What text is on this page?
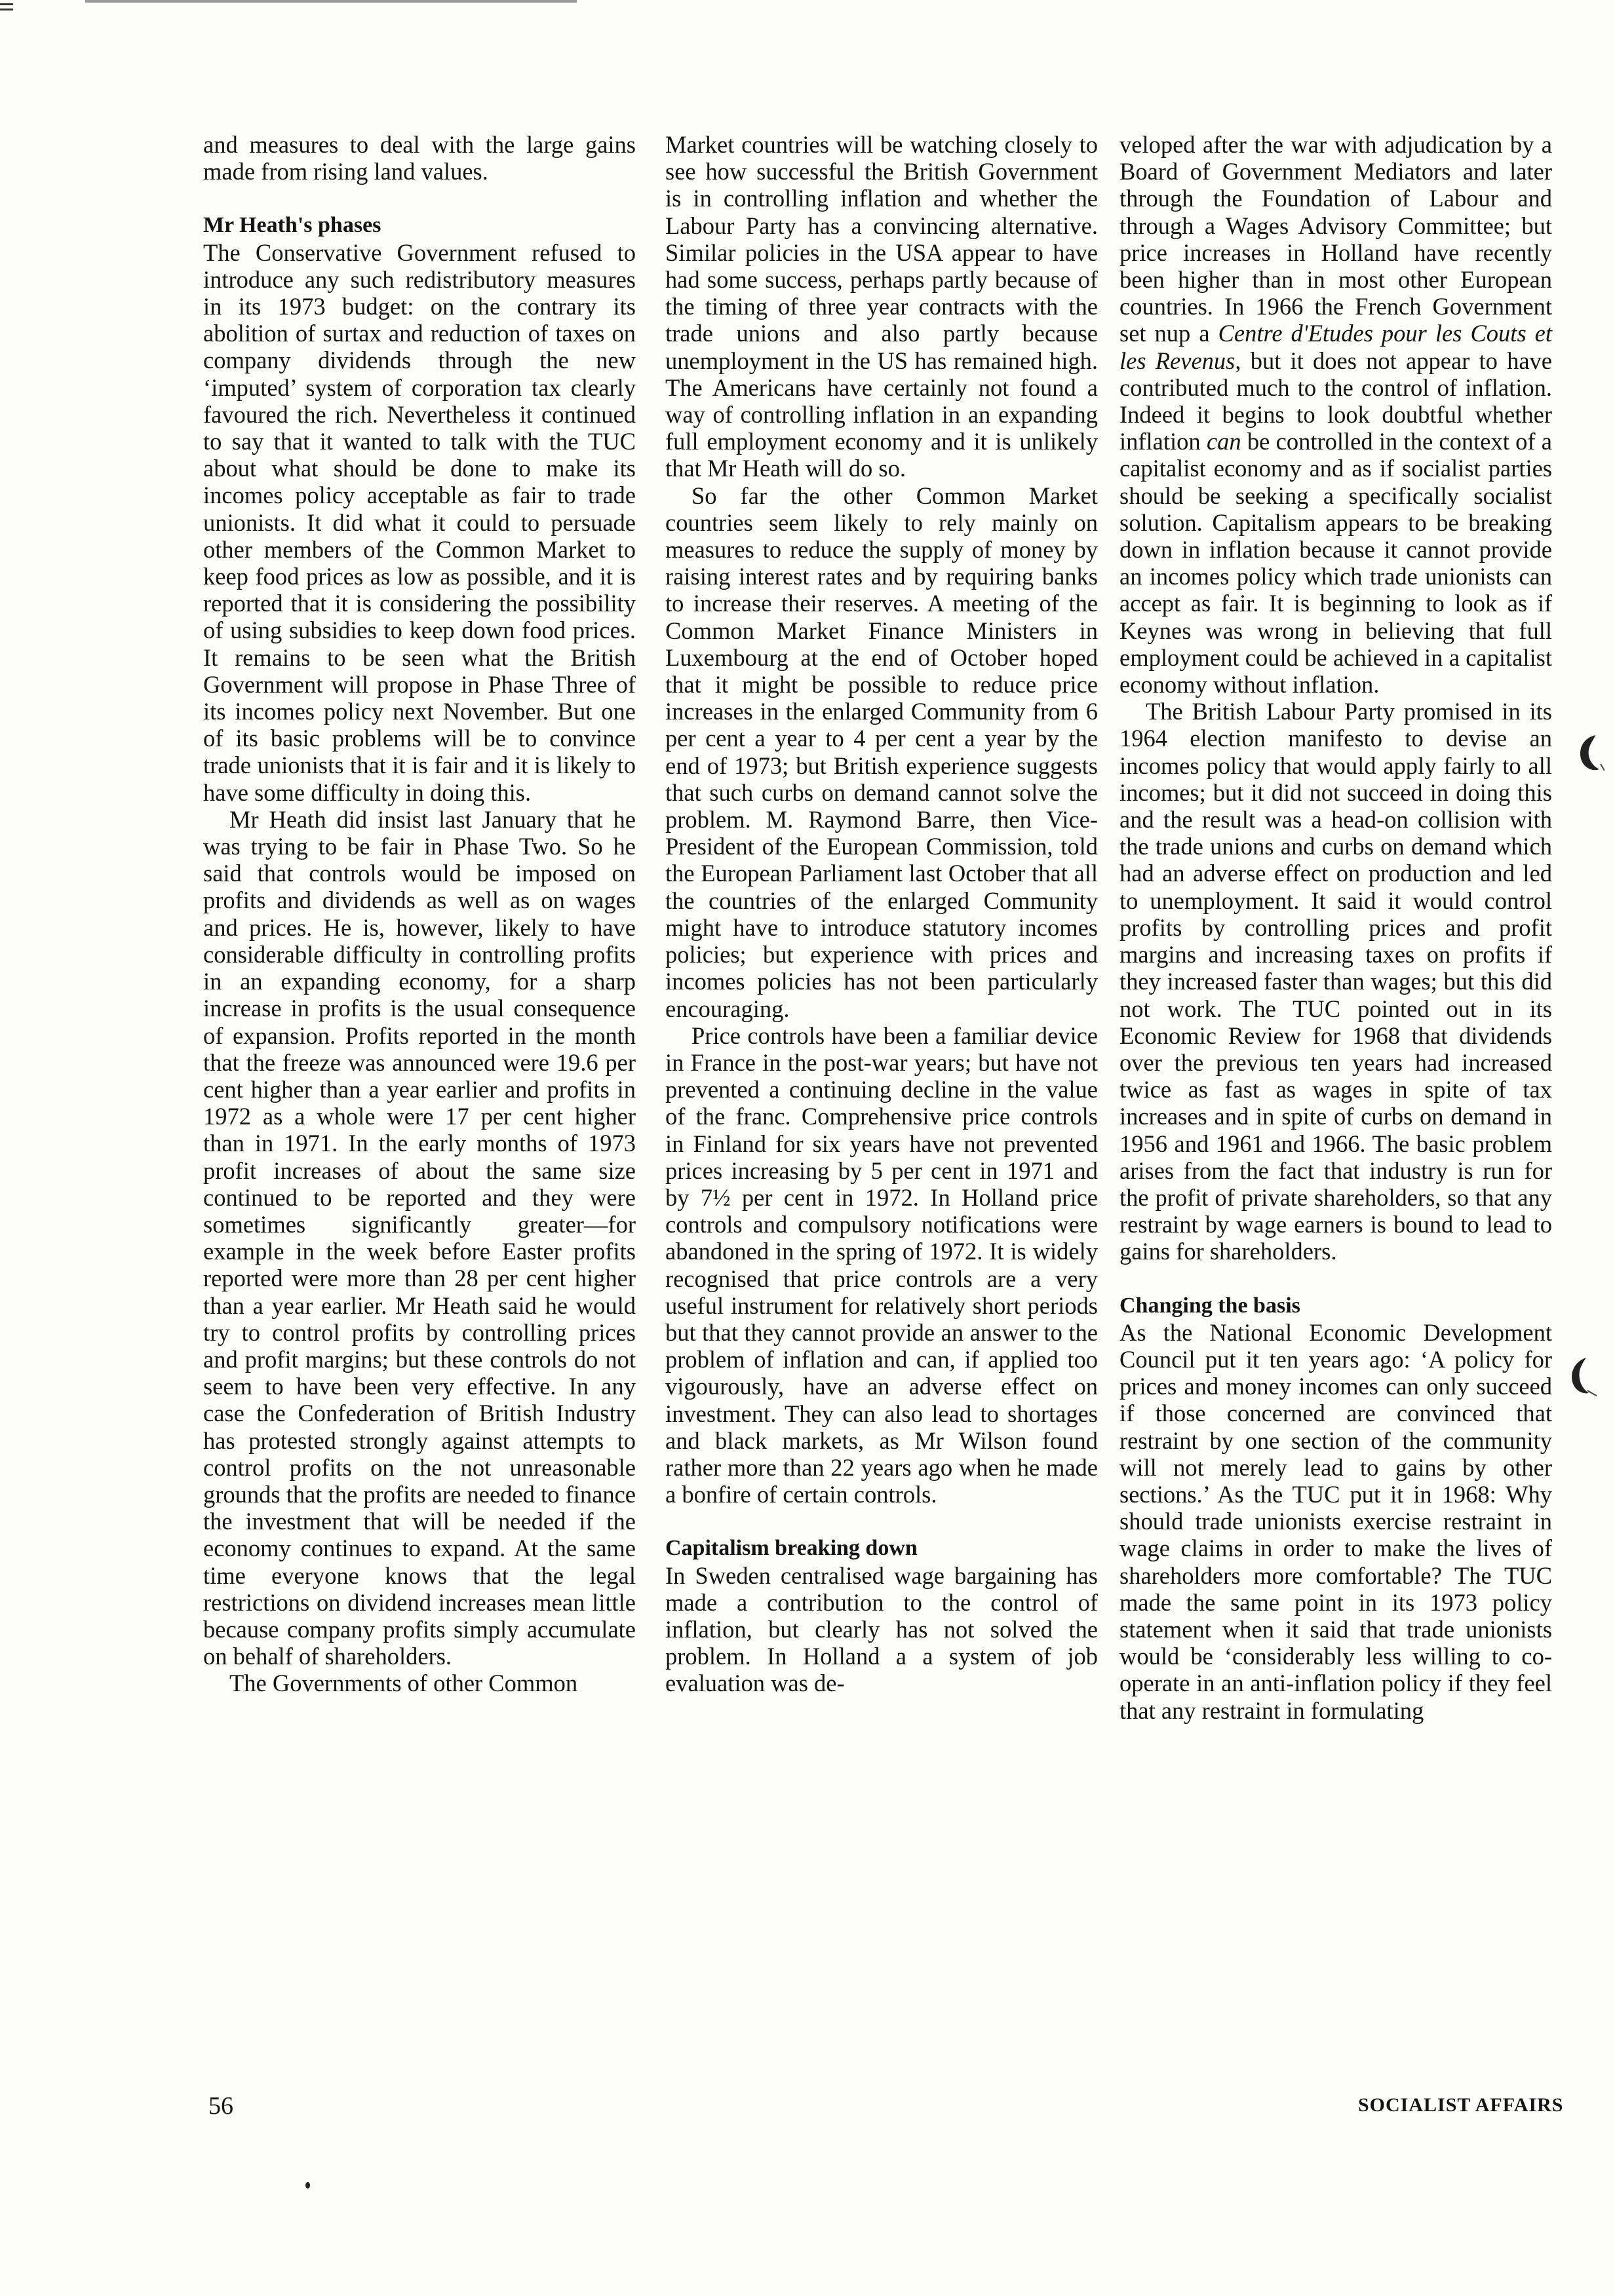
and measures to deal with the large gains made from rising land values.

Mr Heath's phases

The Conservative Government refused to introduce any such redistributory measures in its 1973 budget: on the contrary its abolition of surtax and reduction of taxes on company dividends through the new ‘imputed’ system of corporation tax clearly favoured the rich. Nevertheless it continued to say that it wanted to talk with the TUC about what should be done to make its incomes policy acceptable as fair to trade unionists. It did what it could to persuade other members of the Common Market to keep food prices as low as possible, and it is reported that it is considering the possibility of using subsidies to keep down food prices. It remains to be seen what the British Government will propose in Phase Three of its incomes policy next November. But one of its basic problems will be to convince trade unionists that it is fair and it is likely to have some difficulty in doing this.

Mr Heath did insist last January that he was trying to be fair in Phase Two. So he said that controls would be imposed on profits and dividends as well as on wages and prices. He is, however, likely to have considerable difficulty in controlling profits in an expanding economy, for a sharp increase in profits is the usual consequence of expansion. Profits reported in the month that the freeze was announced were 19.6 per cent higher than a year earlier and profits in 1972 as a whole were 17 per cent higher than in 1971. In the early months of 1973 profit increases of about the same size continued to be reported and they were sometimes significantly greater—for example in the week before Easter profits reported were more than 28 per cent higher than a year earlier. Mr Heath said he would try to control profits by controlling prices and profit margins; but these controls do not seem to have been very effective. In any case the Confederation of British Industry has protested strongly against attempts to control profits on the not unreasonable grounds that the profits are needed to finance the investment that will be needed if the economy continues to expand. At the same time everyone knows that the legal restrictions on dividend increases mean little because company profits simply accumulate on behalf of shareholders.

The Governments of other Common

Market countries will be watching closely to see how successful the British Government is in controlling inflation and whether the Labour Party has a convincing alternative. Similar policies in the USA appear to have had some success, perhaps partly because of the timing of three year contracts with the trade unions and also partly because unemployment in the US has remained high. The Americans have certainly not found a way of controlling inflation in an expanding full employment economy and it is unlikely that Mr Heath will do so.

So far the other Common Market countries seem likely to rely mainly on measures to reduce the supply of money by raising interest rates and by requiring banks to increase their reserves. A meeting of the Common Market Finance Ministers in Luxembourg at the end of October hoped that it might be possible to reduce price increases in the enlarged Community from 6 per cent a year to 4 per cent a year by the end of 1973; but British experience suggests that such curbs on demand cannot solve the problem. M. Raymond Barre, then Vice-President of the European Commission, told the European Parliament last October that all the countries of the enlarged Community might have to introduce statutory incomes policies; but experience with prices and incomes policies has not been particularly encouraging.

Price controls have been a familiar device in France in the post-war years; but have not prevented a continuing decline in the value of the franc. Comprehensive price controls in Finland for six years have not prevented prices increasing by 5 per cent in 1971 and by 7½ per cent in 1972. In Holland price controls and compulsory notifications were abandoned in the spring of 1972. It is widely recognised that price controls are a very useful instrument for relatively short periods but that they cannot provide an answer to the problem of inflation and can, if applied too vigourously, have an adverse effect on investment. They can also lead to shortages and black markets, as Mr Wilson found rather more than 22 years ago when he made a bonfire of certain controls.

Capitalism breaking down

In Sweden centralised wage bargaining has made a contribution to the control of inflation, but clearly has not solved the problem. In Holland a a system of job evaluation was de-

veloped after the war with adjudication by a Board of Government Mediators and later through the Foundation of Labour and through a Wages Advisory Committee; but price increases in Holland have recently been higher than in most other European countries. In 1966 the French Government set nup a Centre d'Etudes pour les Couts et les Revenus, but it does not appear to have contributed much to the control of inflation. Indeed it begins to look doubtful whether inflation can be controlled in the context of a capitalist economy and as if socialist parties should be seeking a specifically socialist solution. Capitalism appears to be breaking down in inflation because it cannot provide an incomes policy which trade unionists can accept as fair. It is beginning to look as if Keynes was wrong in believing that full employment could be achieved in a capitalist economy without inflation.

The British Labour Party promised in its 1964 election manifesto to devise an incomes policy that would apply fairly to all incomes; but it did not succeed in doing this and the result was a head-on collision with the trade unions and curbs on demand which had an adverse effect on production and led to unemployment. It said it would control profits by controlling prices and profit margins and increasing taxes on profits if they increased faster than wages; but this did not work. The TUC pointed out in its Economic Review for 1968 that dividends over the previous ten years had increased twice as fast as wages in spite of tax increases and in spite of curbs on demand in 1956 and 1961 and 1966. The basic problem arises from the fact that industry is run for the profit of private shareholders, so that any restraint by wage earners is bound to lead to gains for shareholders.

Changing the basis

As the National Economic Development Council put it ten years ago: ‘A policy for prices and money incomes can only succeed if those concerned are convinced that restraint by one section of the community will not merely lead to gains by other sections.’ As the TUC put it in 1968: Why should trade unionists exercise restraint in wage claims in order to make the lives of shareholders more comfortable? The TUC made the same point in its 1973 policy statement when it said that trade unionists would be ‘considerably less willing to co-operate in an anti-inflation policy if they feel that any restraint in formulating

56	SOCIALIST AFFAIRS
